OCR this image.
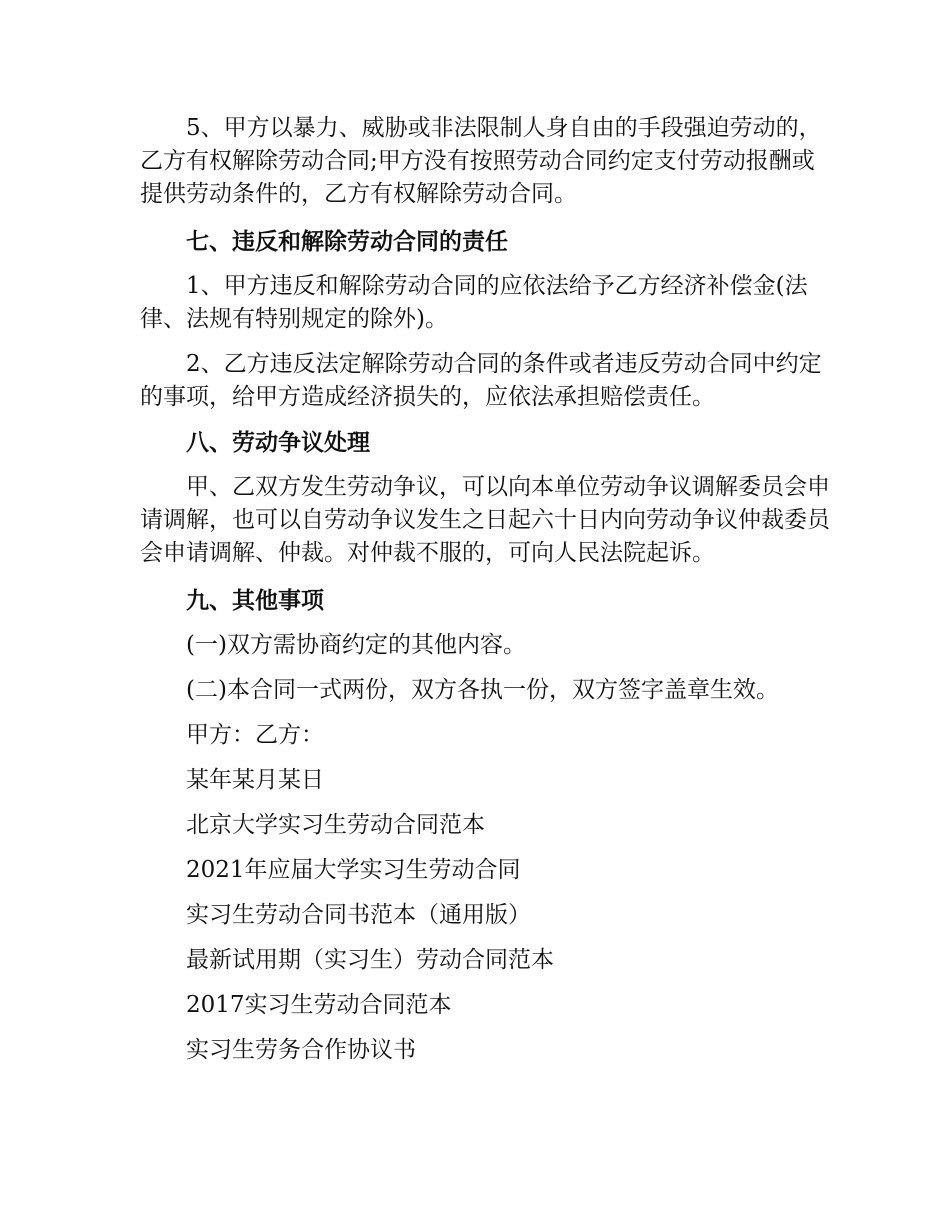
5、甲方以暴力、威胁或非法限制人身自由的手段强迫劳动的，乙方有权解除劳动合同;甲方没有按照劳动合同约定支付劳动报酬或提供劳动条件的，乙方有权解除劳动合同。

七、违反和解除劳动合同的责任

1、甲方违反和解除劳动合同的应依法给予乙方经济补偿金(法律、法规有特别规定的除外)。

2、乙方违反法定解除劳动合同的条件或者违反劳动合同中约定的事项，给甲方造成经济损失的，应依法承担赔偿责任。

八、劳动争议处理

甲、乙双方发生劳动争议，可以向本单位劳动争议调解委员会申请调解，也可以自劳动争议发生之日起六十日内向劳动争议仲裁委员会申请调解、仲裁。对仲裁不服的，可向人民法院起诉。

九、其他事项

(一)双方需协商约定的其他内容。

(二)本合同一式两份，双方各执一份，双方签字盖章生效。

甲方：乙方：

某年某月某日

北京大学实习生劳动合同范本

2021年应届大学实习生劳动合同

实习生劳动合同书范本（通用版）

最新试用期（实习生）劳动合同范本

2017实习生劳动合同范本

实习生劳务合作协议书
